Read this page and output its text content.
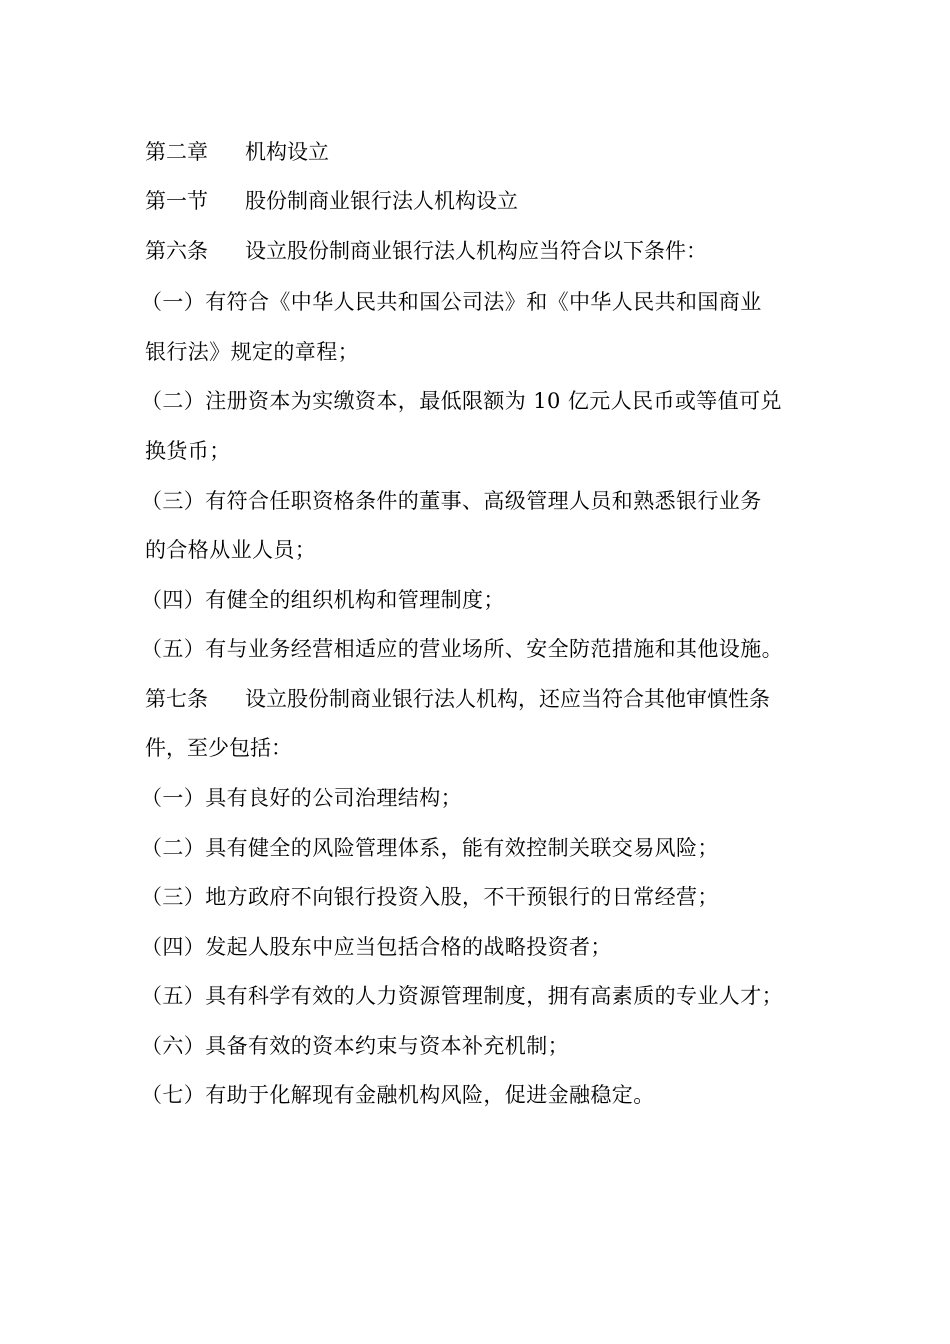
第二章 机构设立
第一节 股份制商业银行法人机构设立
第六条 设立股份制商业银行法人机构应当符合以下条件：
（一）有符合《中华人民共和国公司法》和《中华人民共和国商业
银行法》规定的章程；
（二）注册资本为实缴资本，最低限额为 10 亿元人民币或等值可兑
换货币；
（三）有符合任职资格条件的董事、高级管理人员和熟悉银行业务
的合格从业人员；
（四）有健全的组织机构和管理制度；
（五）有与业务经营相适应的营业场所、安全防范措施和其他设施。
第七条 设立股份制商业银行法人机构，还应当符合其他审慎性条
件，至少包括：
（一）具有良好的公司治理结构；
（二）具有健全的风险管理体系，能有效控制关联交易风险；
（三）地方政府不向银行投资入股，不干预银行的日常经营；
（四）发起人股东中应当包括合格的战略投资者；
（五）具有科学有效的人力资源管理制度，拥有高素质的专业人才；
（六）具备有效的资本约束与资本补充机制；
（七）有助于化解现有金融机构风险，促进金融稳定。
